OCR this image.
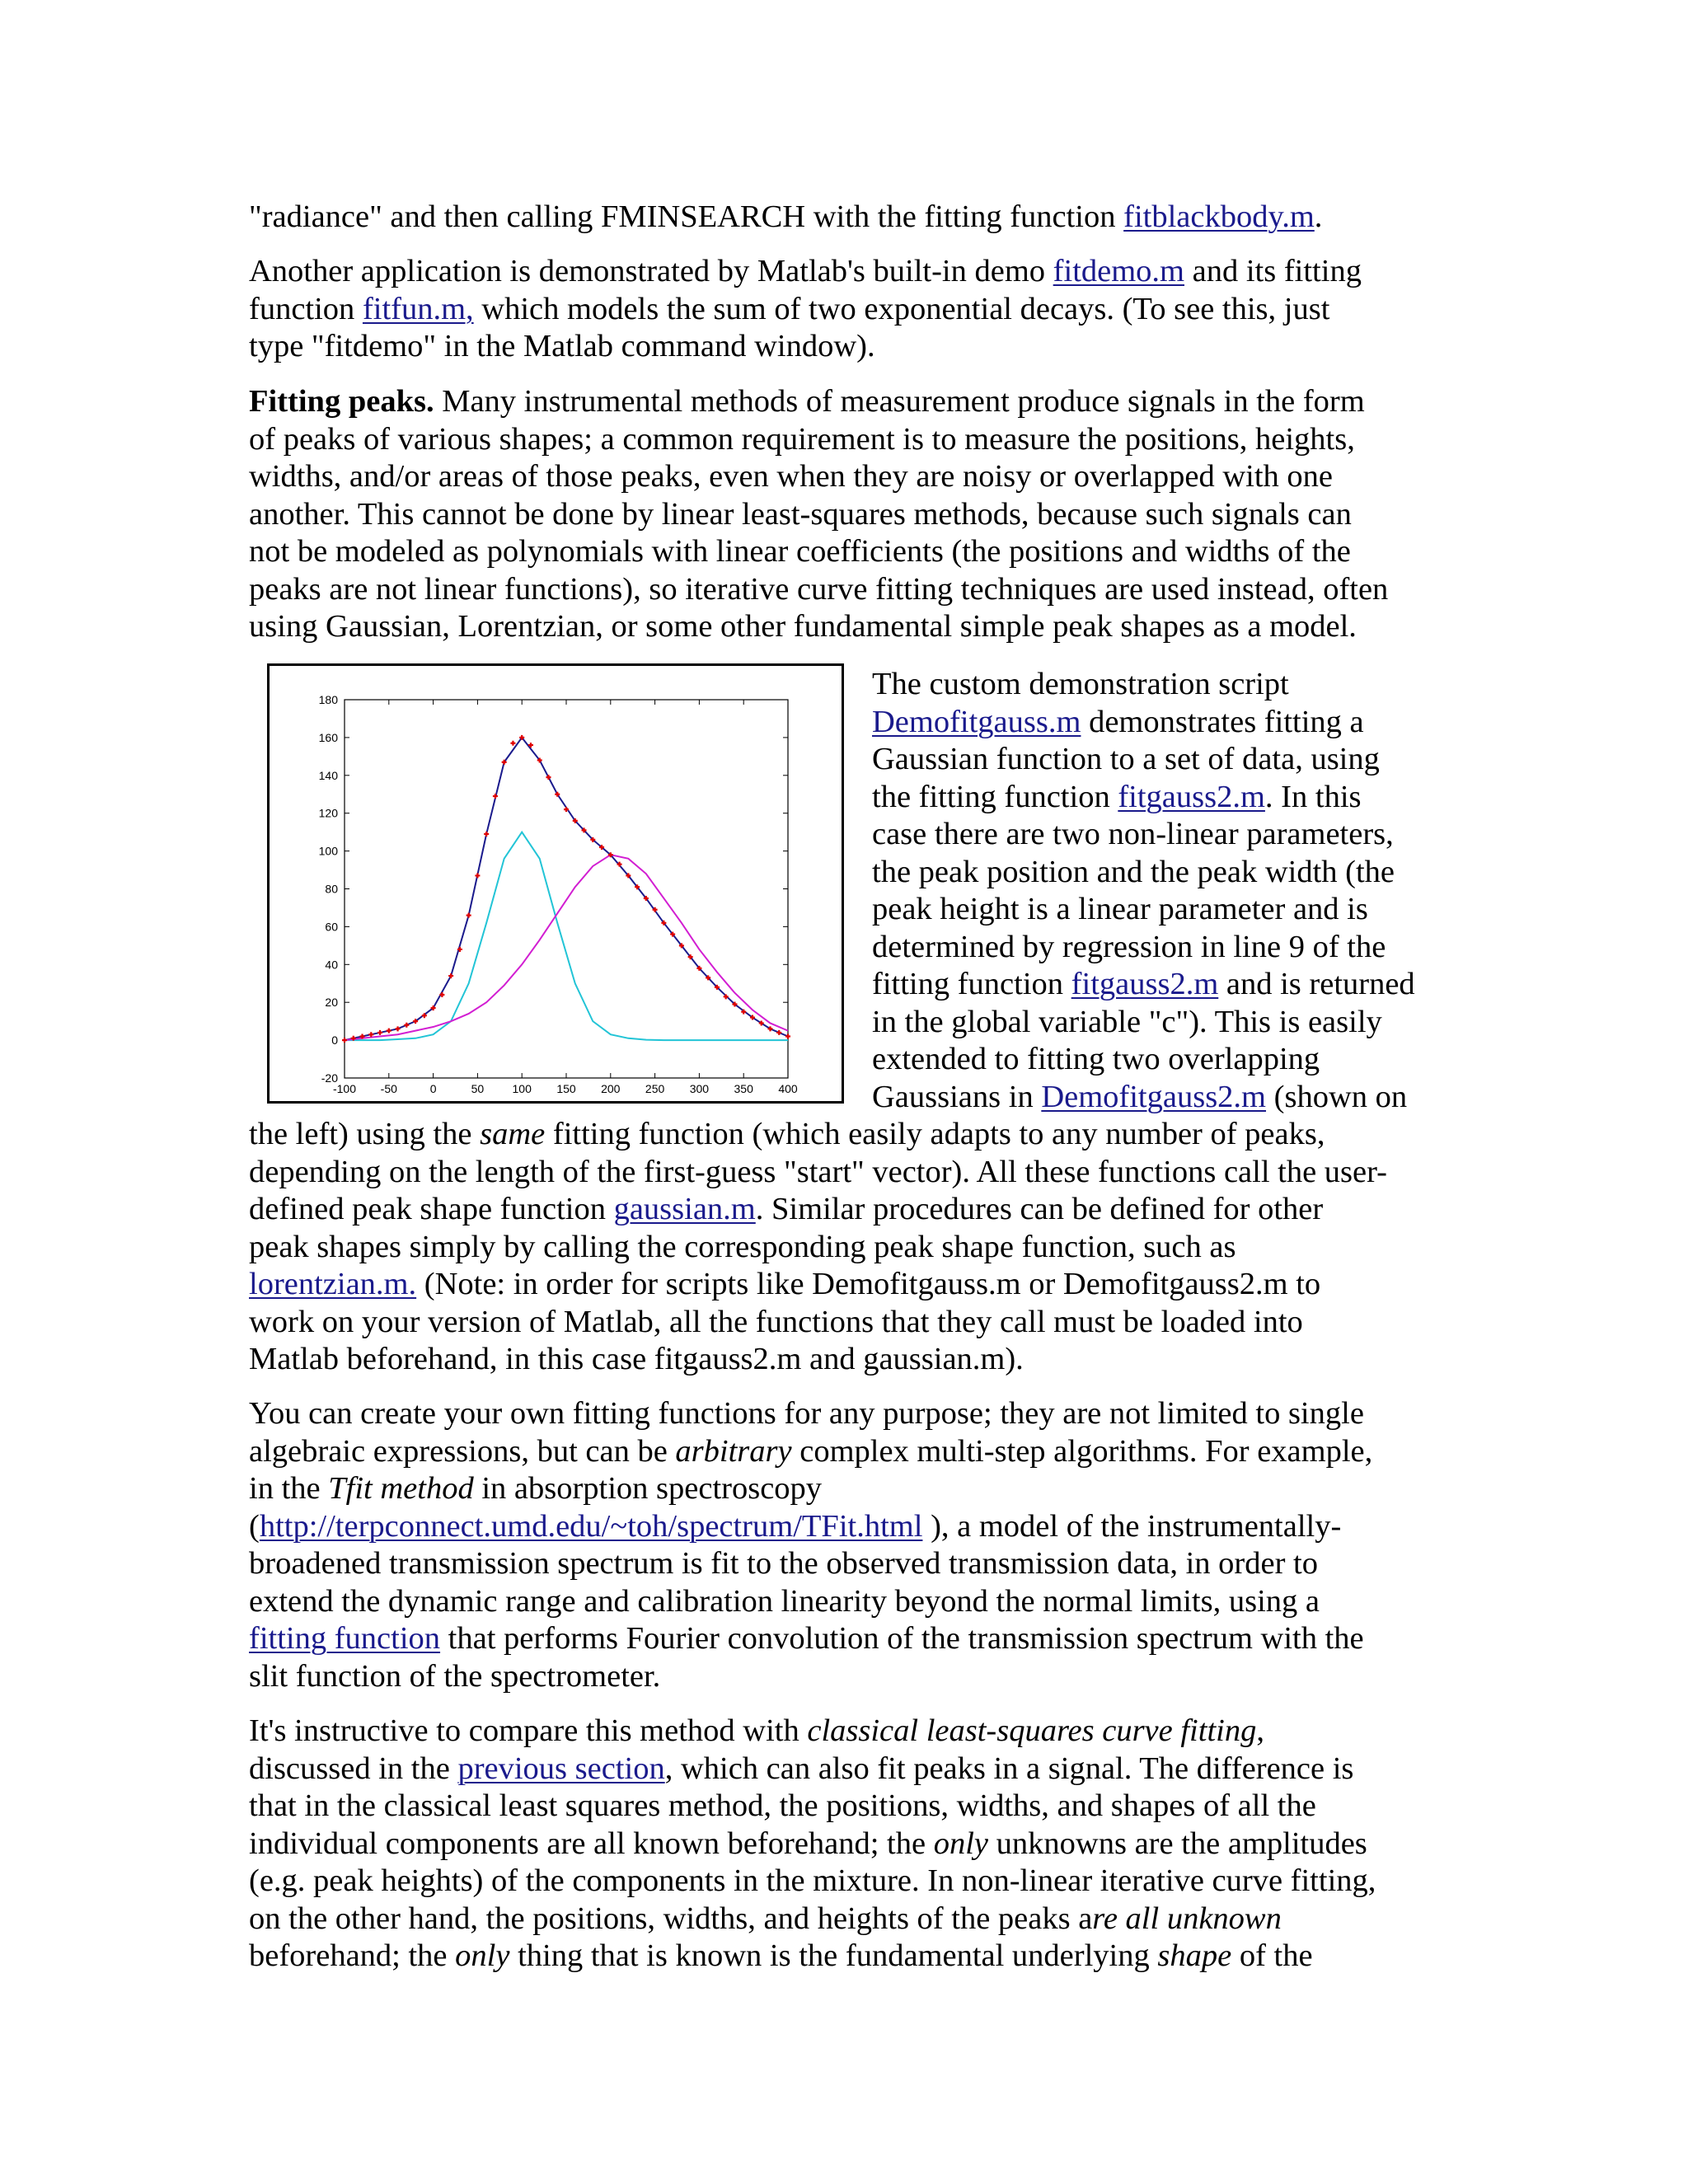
"radiance" and then calling FMINSEARCH with the fitting function fitblackbody.m.
Another application is demonstrated by Matlab's built-in demo fitdemo.m and its fitting
function fitfun.m, which models the sum of two exponential decays. (To see this, just
type "fitdemo" in the Matlab command window).
Fitting peaks. Many instrumental methods of measurement produce signals in the form
of peaks of various shapes; a common requirement is to measure the positions, heights,
widths, and/or areas of those peaks, even when they are noisy or overlapped with one
another. This cannot be done by linear least-squares methods, because such signals can
not be modeled as polynomials with linear coefficients (the positions and widths of the
peaks are not linear functions), so iterative curve fitting techniques are used instead, often
using Gaussian, Lorentzian, or some other fundamental simple peak shapes as a model.
-100 -50	0	50 100 150 200 250 300 350 400
-20
0
20
40
60
80
100
120
140
160
180	The custom demonstration script
Demofitgauss.m demonstrates fitting a
Gaussian function to a set of data, using
the fitting function fitgauss2.m. In this
case there are two non-linear parameters,
the peak position and the peak width (the
peak height is a linear parameter and is
determined by regression in line 9 of the
fitting function fitgauss2.m and is returned
in the global variable "c"). This is easily
extended to fitting two overlapping
Gaussians in Demofitgauss2.m (shown on
the left) using the same fitting function (which easily adapts to any number of peaks,
depending on the length of the first-guess "start" vector). All these functions call the user-
defined peak shape function gaussian.m. Similar procedures can be defined for other
peak shapes simply by calling the corresponding peak shape function, such as
lorentzian.m. (Note: in order for scripts like Demofitgauss.m or Demofitgauss2.m to
work on your version of Matlab, all the functions that they call must be loaded into
Matlab beforehand, in this case fitgauss2.m and gaussian.m).
You can create your own fitting functions for any purpose; they are not limited to single
algebraic expressions, but can be arbitrary complex multi-step algorithms. For example,
in the Tfit method in absorption spectroscopy
(http://terpconnect.umd.edu/~toh/spectrum/TFit.html ), a model of the instrumentally-
broadened transmission spectrum is fit to the observed transmission data, in order to
extend the dynamic range and calibration linearity beyond the normal limits, using a
fitting function that performs Fourier convolution of the transmission spectrum with the
slit function of the spectrometer.
It's instructive to compare this method with classical least-squares curve fitting,
discussed in the previous section, which can also fit peaks in a signal. The difference is
that in the classical least squares method, the positions, widths, and shapes of all the
individual components are all known beforehand; the only unknowns are the amplitudes
(e.g. peak heights) of the components in the mixture. In non-linear iterative curve fitting,
on the other hand, the positions, widths, and heights of the peaks are all unknown
beforehand; the only thing that is known is the fundamental underlying shape of the
